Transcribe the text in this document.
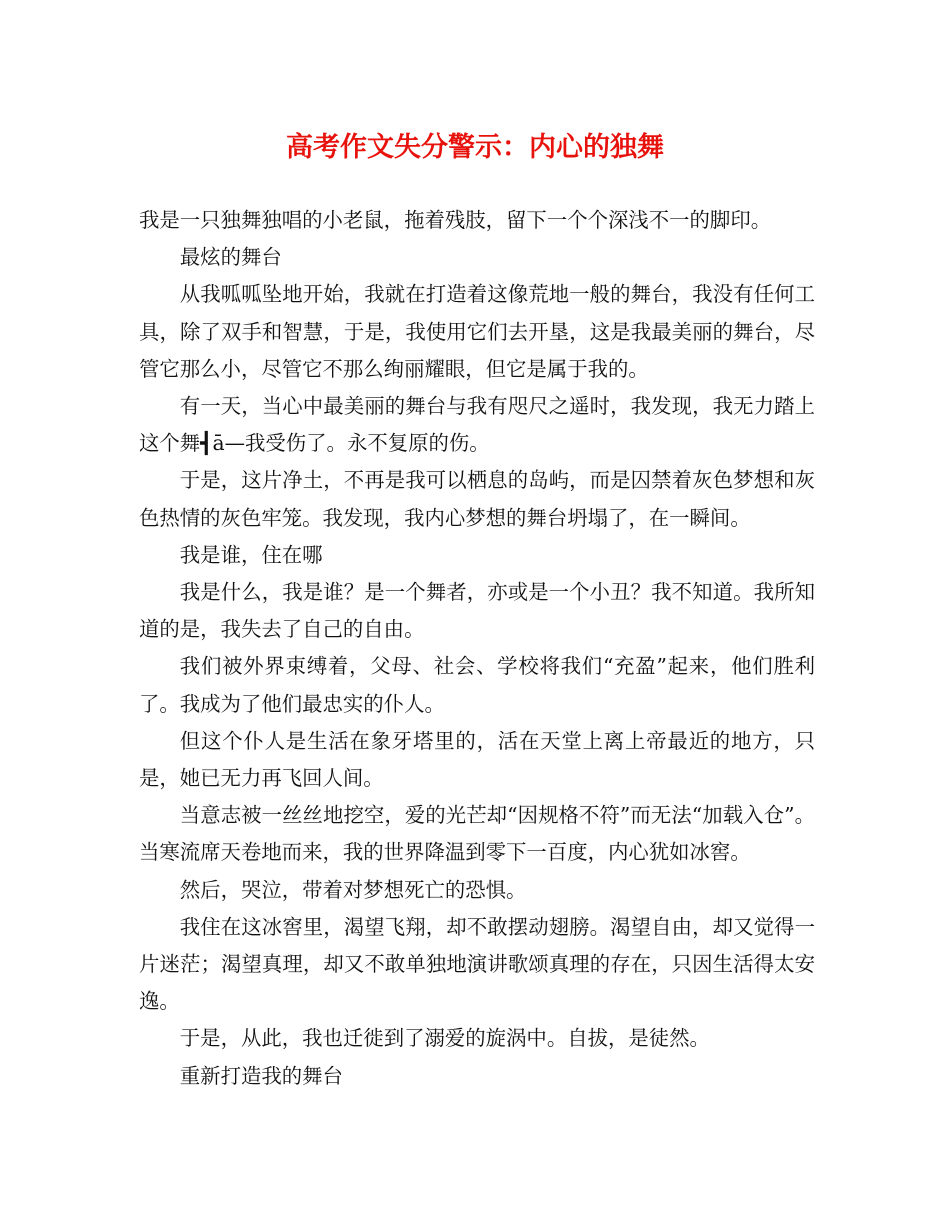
高考作文失分警示：内心的独舞

我是一只独舞独唱的小老鼠，拖着残肢，留下一个个深浅不一的脚印。

最炫的舞台

从我呱呱坠地开始，我就在打造着这像荒地一般的舞台，我没有任何工具，除了双手和智慧，于是，我使用它们去开垦，这是我最美丽的舞台，尽管它那么小，尽管它不那么绚丽耀眼，但它是属于我的。

有一天，当心中最美丽的舞台与我有咫尺之遥时，我发现，我无力踏上这个舞┫ā—我受伤了。永不复原的伤。

于是，这片净土，不再是我可以栖息的岛屿，而是囚禁着灰色梦想和灰色热情的灰色牢笼。我发现，我内心梦想的舞台坍塌了，在一瞬间。

我是谁，住在哪

我是什么，我是谁？是一个舞者，亦或是一个小丑？我不知道。我所知道的是，我失去了自己的自由。

我们被外界束缚着，父母、社会、学校将我们“充盈”起来，他们胜利了。我成为了他们最忠实的仆人。

但这个仆人是生活在象牙塔里的，活在天堂上离上帝最近的地方，只是，她已无力再飞回人间。

当意志被一丝丝地挖空，爱的光芒却“因规格不符”而无法“加载入仓”。当寒流席天卷地而来，我的世界降温到零下一百度，内心犹如冰窖。

然后，哭泣，带着对梦想死亡的恐惧。

我住在这冰窖里，渴望飞翔，却不敢摆动翅膀。渴望自由，却又觉得一片迷茫；渴望真理，却又不敢单独地演讲歌颂真理的存在，只因生活得太安逸。

于是，从此，我也迁徙到了溺爱的旋涡中。自拔，是徒然。

重新打造我的舞台
